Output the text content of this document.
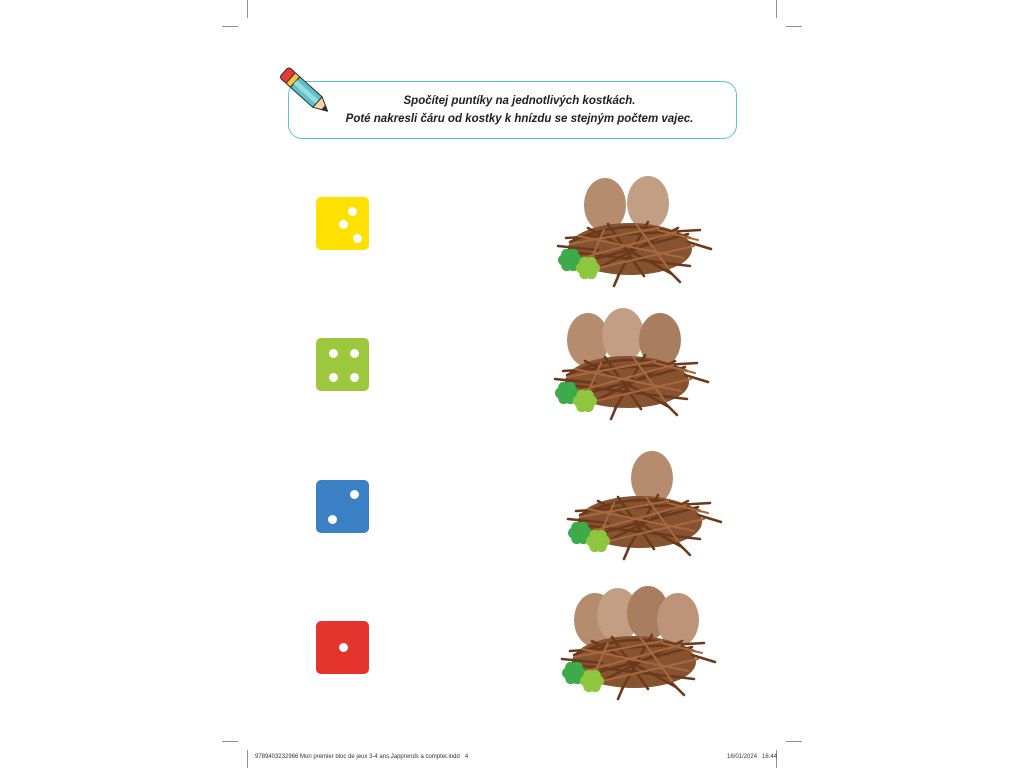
Spočítej puntíky na jednotlivých kostkách.
Poté nakresli čáru od kostky k hnízdu se stejným počtem vajec.
9789403232966 Mon premier bloc de jeux 3-4 ans.Japprends a compter.indd 4	16/01/2024 16:44
